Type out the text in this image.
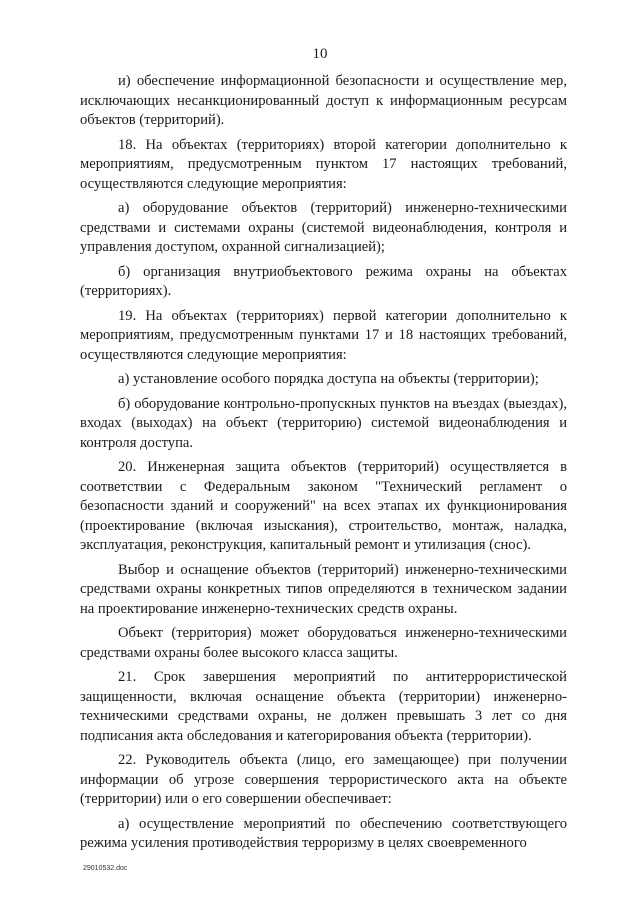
10

и) обеспечение информационной безопасности и осуществление мер, исключающих несанкционированный доступ к информационным ресурсам объектов (территорий).

18. На объектах (территориях) второй категории дополнительно к мероприятиям, предусмотренным пунктом 17 настоящих требований, осуществляются следующие мероприятия:

а) оборудование объектов (территорий) инженерно-техническими средствами и системами охраны (системой видеонаблюдения, контроля и управления доступом, охранной сигнализацией);

б) организация внутриобъектового режима охраны на объектах (территориях).

19. На объектах (территориях) первой категории дополнительно к мероприятиям, предусмотренным пунктами 17 и 18 настоящих требований, осуществляются следующие мероприятия:

а) установление особого порядка доступа на объекты (территории);

б) оборудование контрольно-пропускных пунктов на въездах (выездах), входах (выходах) на объект (территорию) системой видеонаблюдения и контроля доступа.

20. Инженерная защита объектов (территорий) осуществляется в соответствии с Федеральным законом "Технический регламент о безопасности зданий и сооружений" на всех этапах их функционирования (проектирование (включая изыскания), строительство, монтаж, наладка, эксплуатация, реконструкция, капитальный ремонт и утилизация (снос).

Выбор и оснащение объектов (территорий) инженерно-техническими средствами охраны конкретных типов определяются в техническом задании на проектирование инженерно-технических средств охраны.

Объект (территория) может оборудоваться инженерно-техническими средствами охраны более высокого класса защиты.

21. Срок завершения мероприятий по антитеррористической защищенности, включая оснащение объекта (территории) инженерно-техническими средствами охраны, не должен превышать 3 лет со дня подписания акта обследования и категорирования объекта (территории).

22. Руководитель объекта (лицо, его замещающее) при получении информации об угрозе совершения террористического акта на объекте (территории) или о его совершении обеспечивает:

а) осуществление мероприятий по обеспечению соответствующего режима усиления противодействия терроризму в целях своевременного

29010532.doc
